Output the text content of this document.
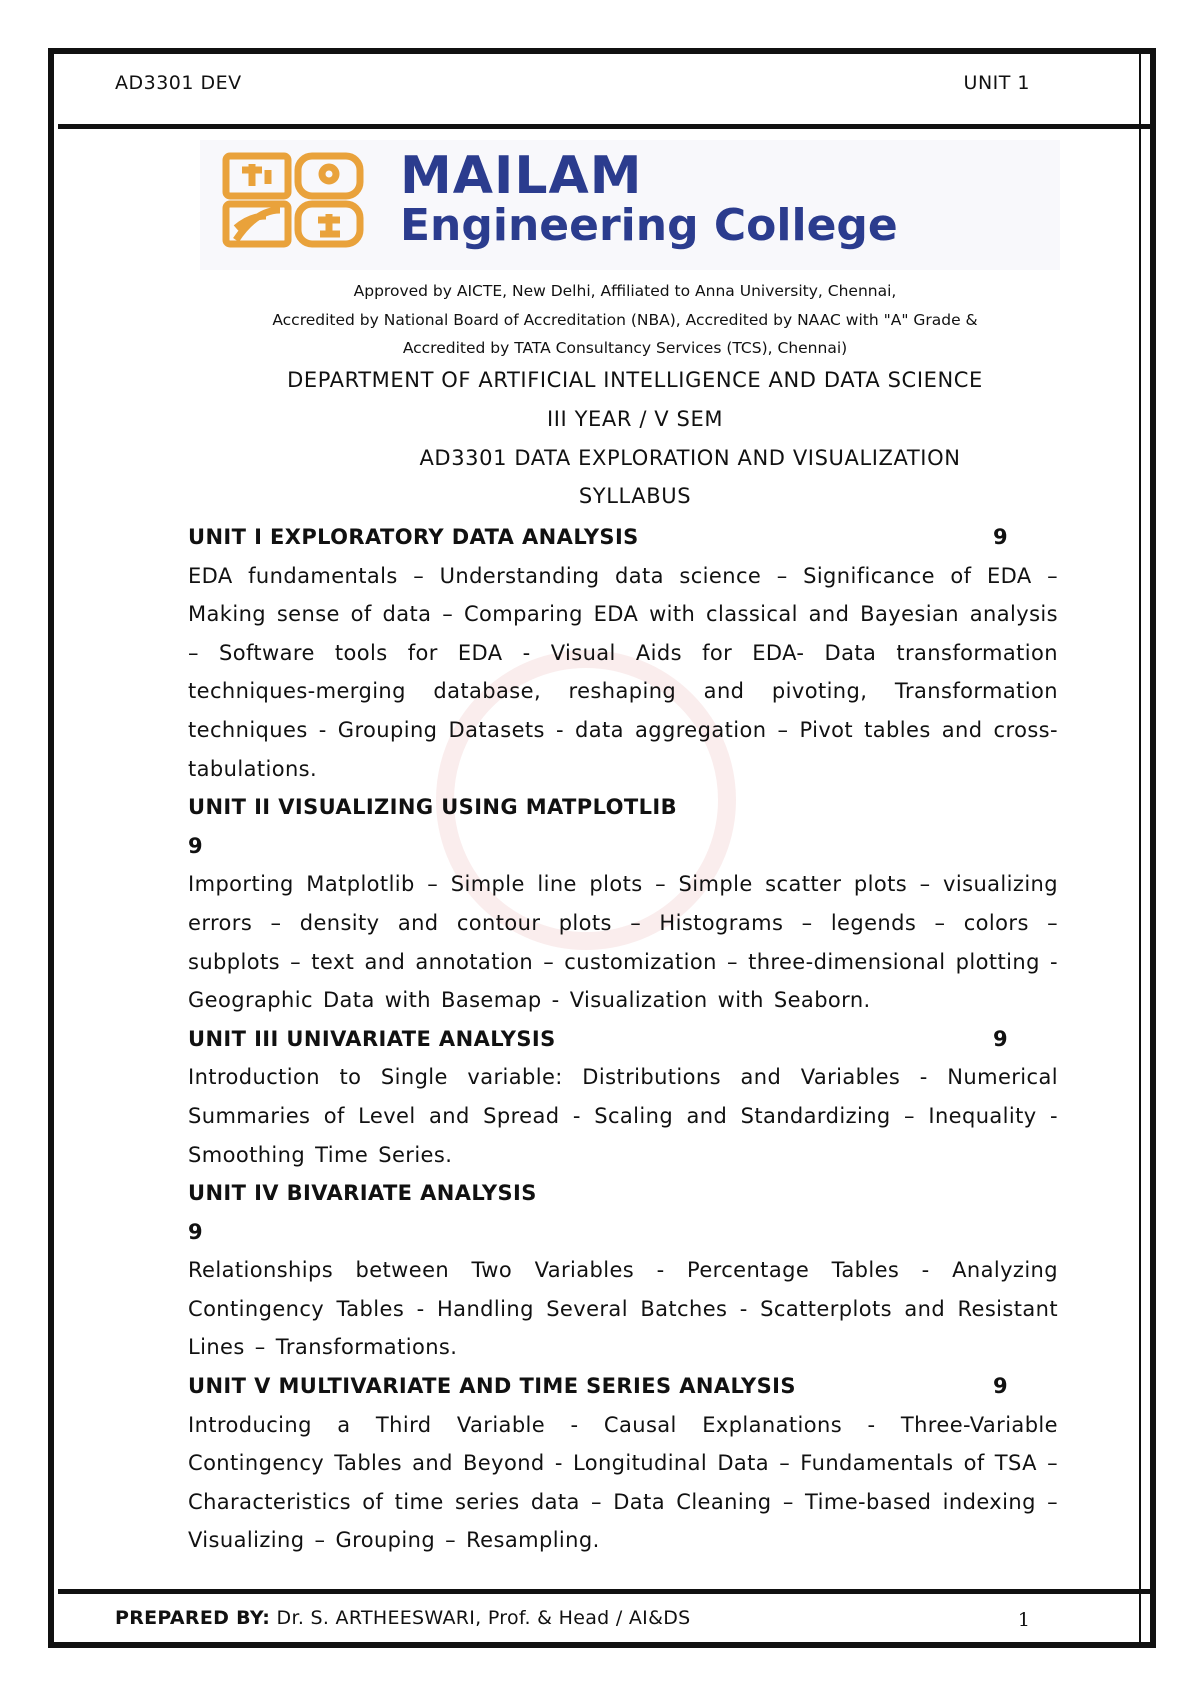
AD3301 DEV	UNIT 1
MAILAM
Engineering College
Approved by AICTE, New Delhi, Affiliated to Anna University, Chennai,
Accredited by National Board of Accreditation (NBA), Accredited by NAAC with "A" Grade &
Accredited by TATA Consultancy Services (TCS), Chennai)
DEPARTMENT OF ARTIFICIAL INTELLIGENCE AND DATA SCIENCE
III YEAR / V SEM
AD3301 DATA EXPLORATION AND VISUALIZATION
SYLLABUS
UNIT I EXPLORATORY DATA ANALYSIS	9
EDA fundamentals – Understanding data science – Significance of EDA – Making sense of data – Comparing EDA with classical and Bayesian analysis – Software tools for EDA - Visual Aids for EDA- Data transformation techniques-merging database, reshaping and pivoting, Transformation techniques - Grouping Datasets - data aggregation – Pivot tables and cross-tabulations.
UNIT II VISUALIZING USING MATPLOTLIB
9
Importing Matplotlib – Simple line plots – Simple scatter plots – visualizing errors – density and contour plots – Histograms – legends – colors – subplots – text and annotation – customization – three-dimensional plotting - Geographic Data with Basemap - Visualization with Seaborn.
UNIT III UNIVARIATE ANALYSIS	9
Introduction to Single variable: Distributions and Variables - Numerical Summaries of Level and Spread - Scaling and Standardizing – Inequality - Smoothing Time Series.
UNIT IV BIVARIATE ANALYSIS
9
Relationships between Two Variables - Percentage Tables - Analyzing Contingency Tables - Handling Several Batches - Scatterplots and Resistant Lines – Transformations.
UNIT V MULTIVARIATE AND TIME SERIES ANALYSIS	9
Introducing a Third Variable - Causal Explanations - Three-Variable Contingency Tables and Beyond - Longitudinal Data – Fundamentals of TSA – Characteristics of time series data – Data Cleaning – Time-based indexing – Visualizing – Grouping – Resampling.
PREPARED BY: Dr. S. ARTHEESWARI, Prof. & Head / AI&DS	1
